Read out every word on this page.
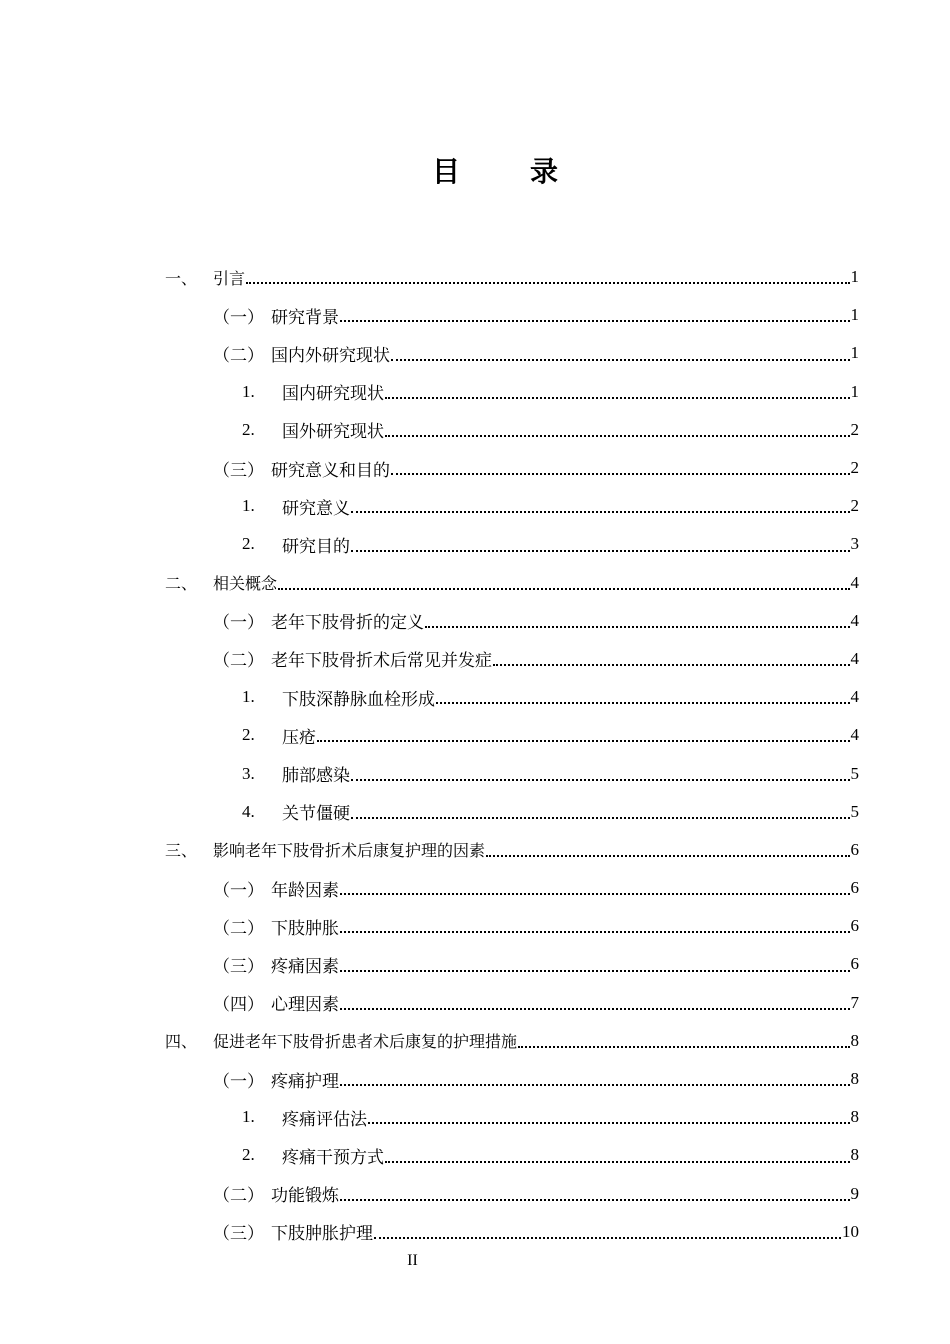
目	录
一、 引言	1
（一） 研究背景	1
（二） 国内外研究现状	1
1.	国内研究现状	1
2.	国外研究现状	2
（三） 研究意义和目的	2
1.	研究意义	2
2.	研究目的	3
二、 相关概念	4
（一） 老年下肢骨折的定义	4
（二） 老年下肢骨折术后常见并发症	4
1.	下肢深静脉血栓形成	4
2.	压疮	4
3.	肺部感染	5
4.	关节僵硬	5
三、 影响老年下肢骨折术后康复护理的因素	6
（一） 年龄因素	6
（二） 下肢肿胀	6
（三） 疼痛因素	6
（四） 心理因素	7
四、 促进老年下肢骨折患者术后康复的护理措施	8
（一） 疼痛护理	8
1.	疼痛评估法	8
2.	疼痛干预方式	8
（二） 功能锻炼	9
（三） 下肢肿胀护理	10
II
